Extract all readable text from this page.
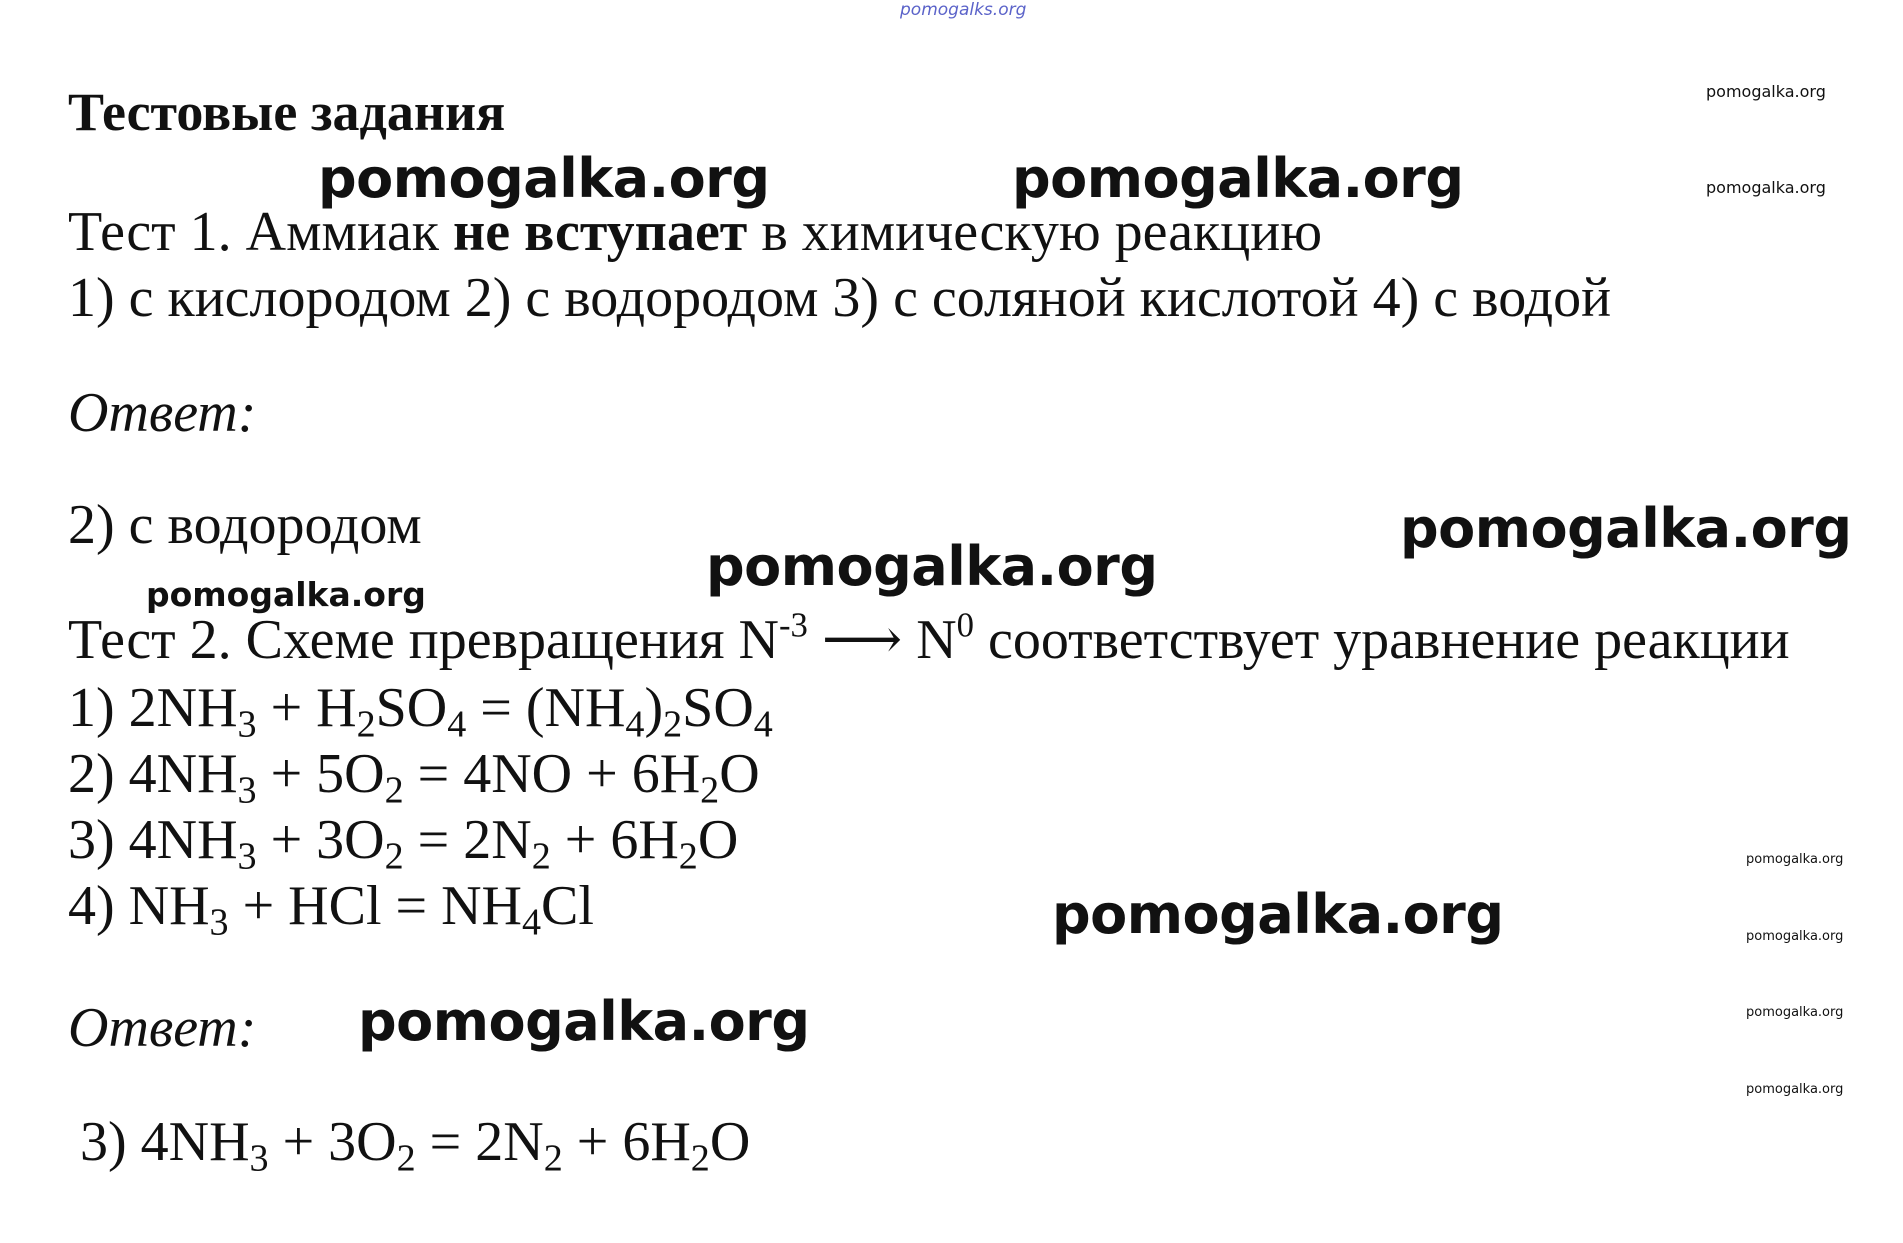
pomogalks.org
Тестовые задания	pomogalka.org
pomogalka.org
pomogalka.org	pomogalka.org
Тест 1. Аммиак не вступает в химическую реакцию
1) с кислородом 2) с водородом 3) с соляной кислотой 4) с водой
Ответ:
2) с водородом	pomogalka.org
pomogalka.org
pomogalka.org
Тест 2. Схеме превращения $N^{-3}$ ⟶ $N^0$ соответствует уравнение реакции
1) $2NH_3 + H_2SO_4 = (NH_4)_2SO_4$
2) $4NH_3 + 5O_2 = 4NO + 6H_2O$
3) $4NH_3 + 3O_2 = 2N_2 + 6H_2O$
4) $NH_3$ + HCl = $NH_4Cl$
pomogalka.org
pomogalka.org
pomogalka.org
pomogalka.org
pomogalka.org
Ответ: pomogalka.org
3) $4NH_3 + 3O_2 = 2N_2 + 6H_2O$
